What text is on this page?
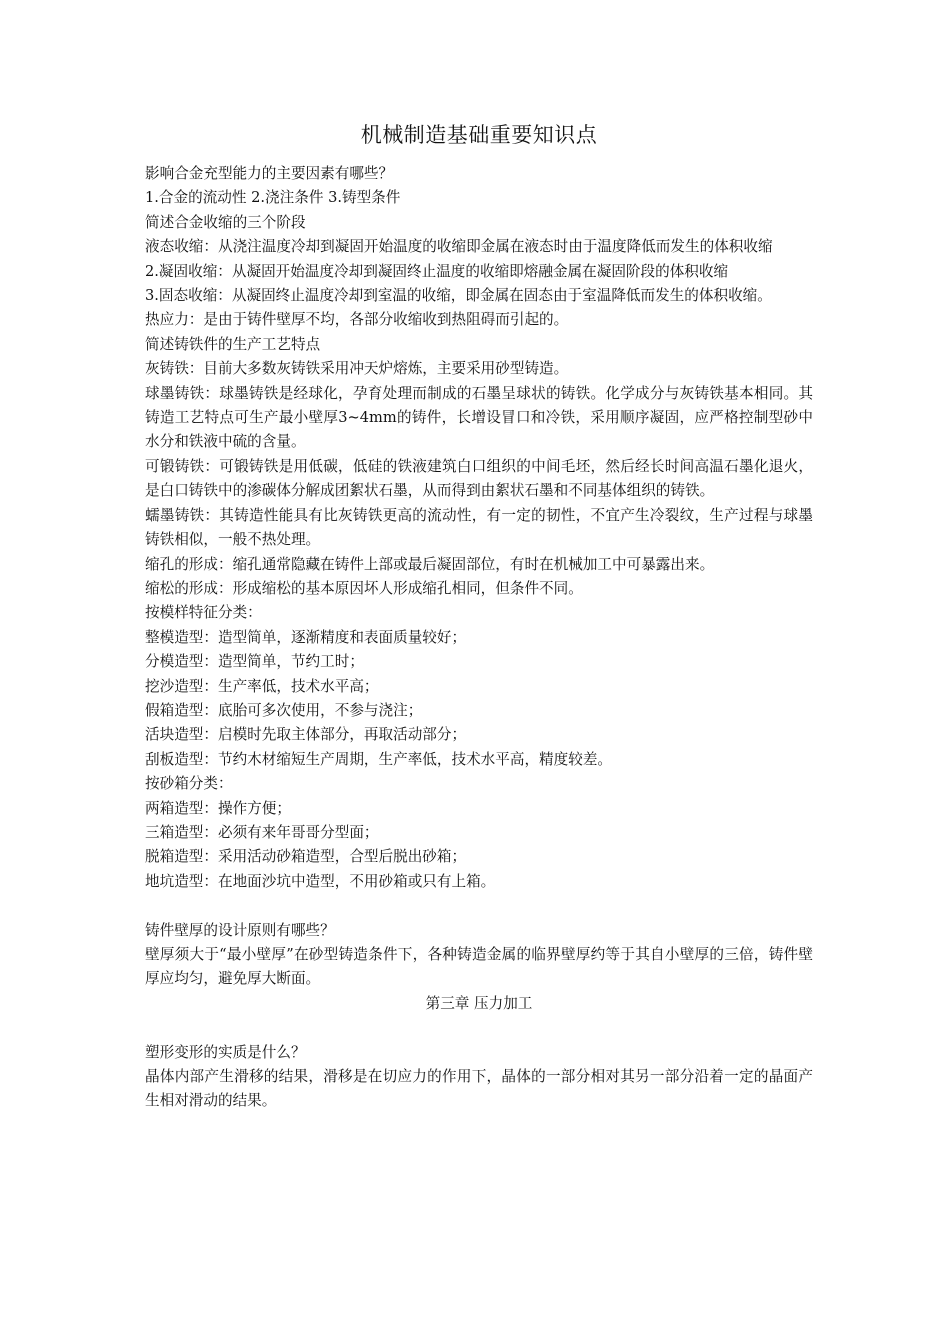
机械制造基础重要知识点

影响合金充型能力的主要因素有哪些？

1.合金的流动性 2.浇注条件 3.铸型条件

简述合金收缩的三个阶段

液态收缩：从浇注温度冷却到凝固开始温度的收缩即金属在液态时由于温度降低而发生的体积收缩

2.凝固收缩：从凝固开始温度冷却到凝固终止温度的收缩即熔融金属在凝固阶段的体积收缩

3.固态收缩：从凝固终止温度冷却到室温的收缩，即金属在固态由于室温降低而发生的体积收缩。

热应力：是由于铸件壁厚不均，各部分收缩收到热阻碍而引起的。

简述铸铁件的生产工艺特点

灰铸铁：目前大多数灰铸铁采用冲天炉熔炼，主要采用砂型铸造。

球墨铸铁：球墨铸铁是经球化，孕育处理而制成的石墨呈球状的铸铁。化学成分与灰铸铁基本相同。其铸造工艺特点可生产最小壁厚3~4mm的铸件，长增设冒口和冷铁，采用顺序凝固，应严格控制型砂中水分和铁液中硫的含量。

可锻铸铁：可锻铸铁是用低碳，低硅的铁液建筑白口组织的中间毛坯，然后经长时间高温石墨化退火，是白口铸铁中的渗碳体分解成团絮状石墨，从而得到由絮状石墨和不同基体组织的铸铁。

蠕墨铸铁：其铸造性能具有比灰铸铁更高的流动性，有一定的韧性，不宜产生冷裂纹，生产过程与球墨铸铁相似，一般不热处理。

缩孔的形成：缩孔通常隐藏在铸件上部或最后凝固部位，有时在机械加工中可暴露出来。

缩松的形成：形成缩松的基本原因坏人形成缩孔相同，但条件不同。

按模样特征分类：

整模造型：造型简单，逐渐精度和表面质量较好；

分模造型：造型简单，节约工时；

挖沙造型：生产率低，技术水平高；

假箱造型：底胎可多次使用，不参与浇注；

活块造型：启模时先取主体部分，再取活动部分；

刮板造型：节约木材缩短生产周期，生产率低，技术水平高，精度较差。

按砂箱分类：

两箱造型：操作方便；

三箱造型：必须有来年哥哥分型面；

脱箱造型：采用活动砂箱造型，合型后脱出砂箱；

地坑造型：在地面沙坑中造型，不用砂箱或只有上箱。

铸件壁厚的设计原则有哪些？

壁厚须大于“最小壁厚”在砂型铸造条件下，各种铸造金属的临界壁厚约等于其自小壁厚的三倍，铸件壁厚应均匀，避免厚大断面。

第三章 压力加工

塑形变形的实质是什么？

晶体内部产生滑移的结果，滑移是在切应力的作用下，晶体的一部分相对其另一部分沿着一定的晶面产生相对滑动的结果。
